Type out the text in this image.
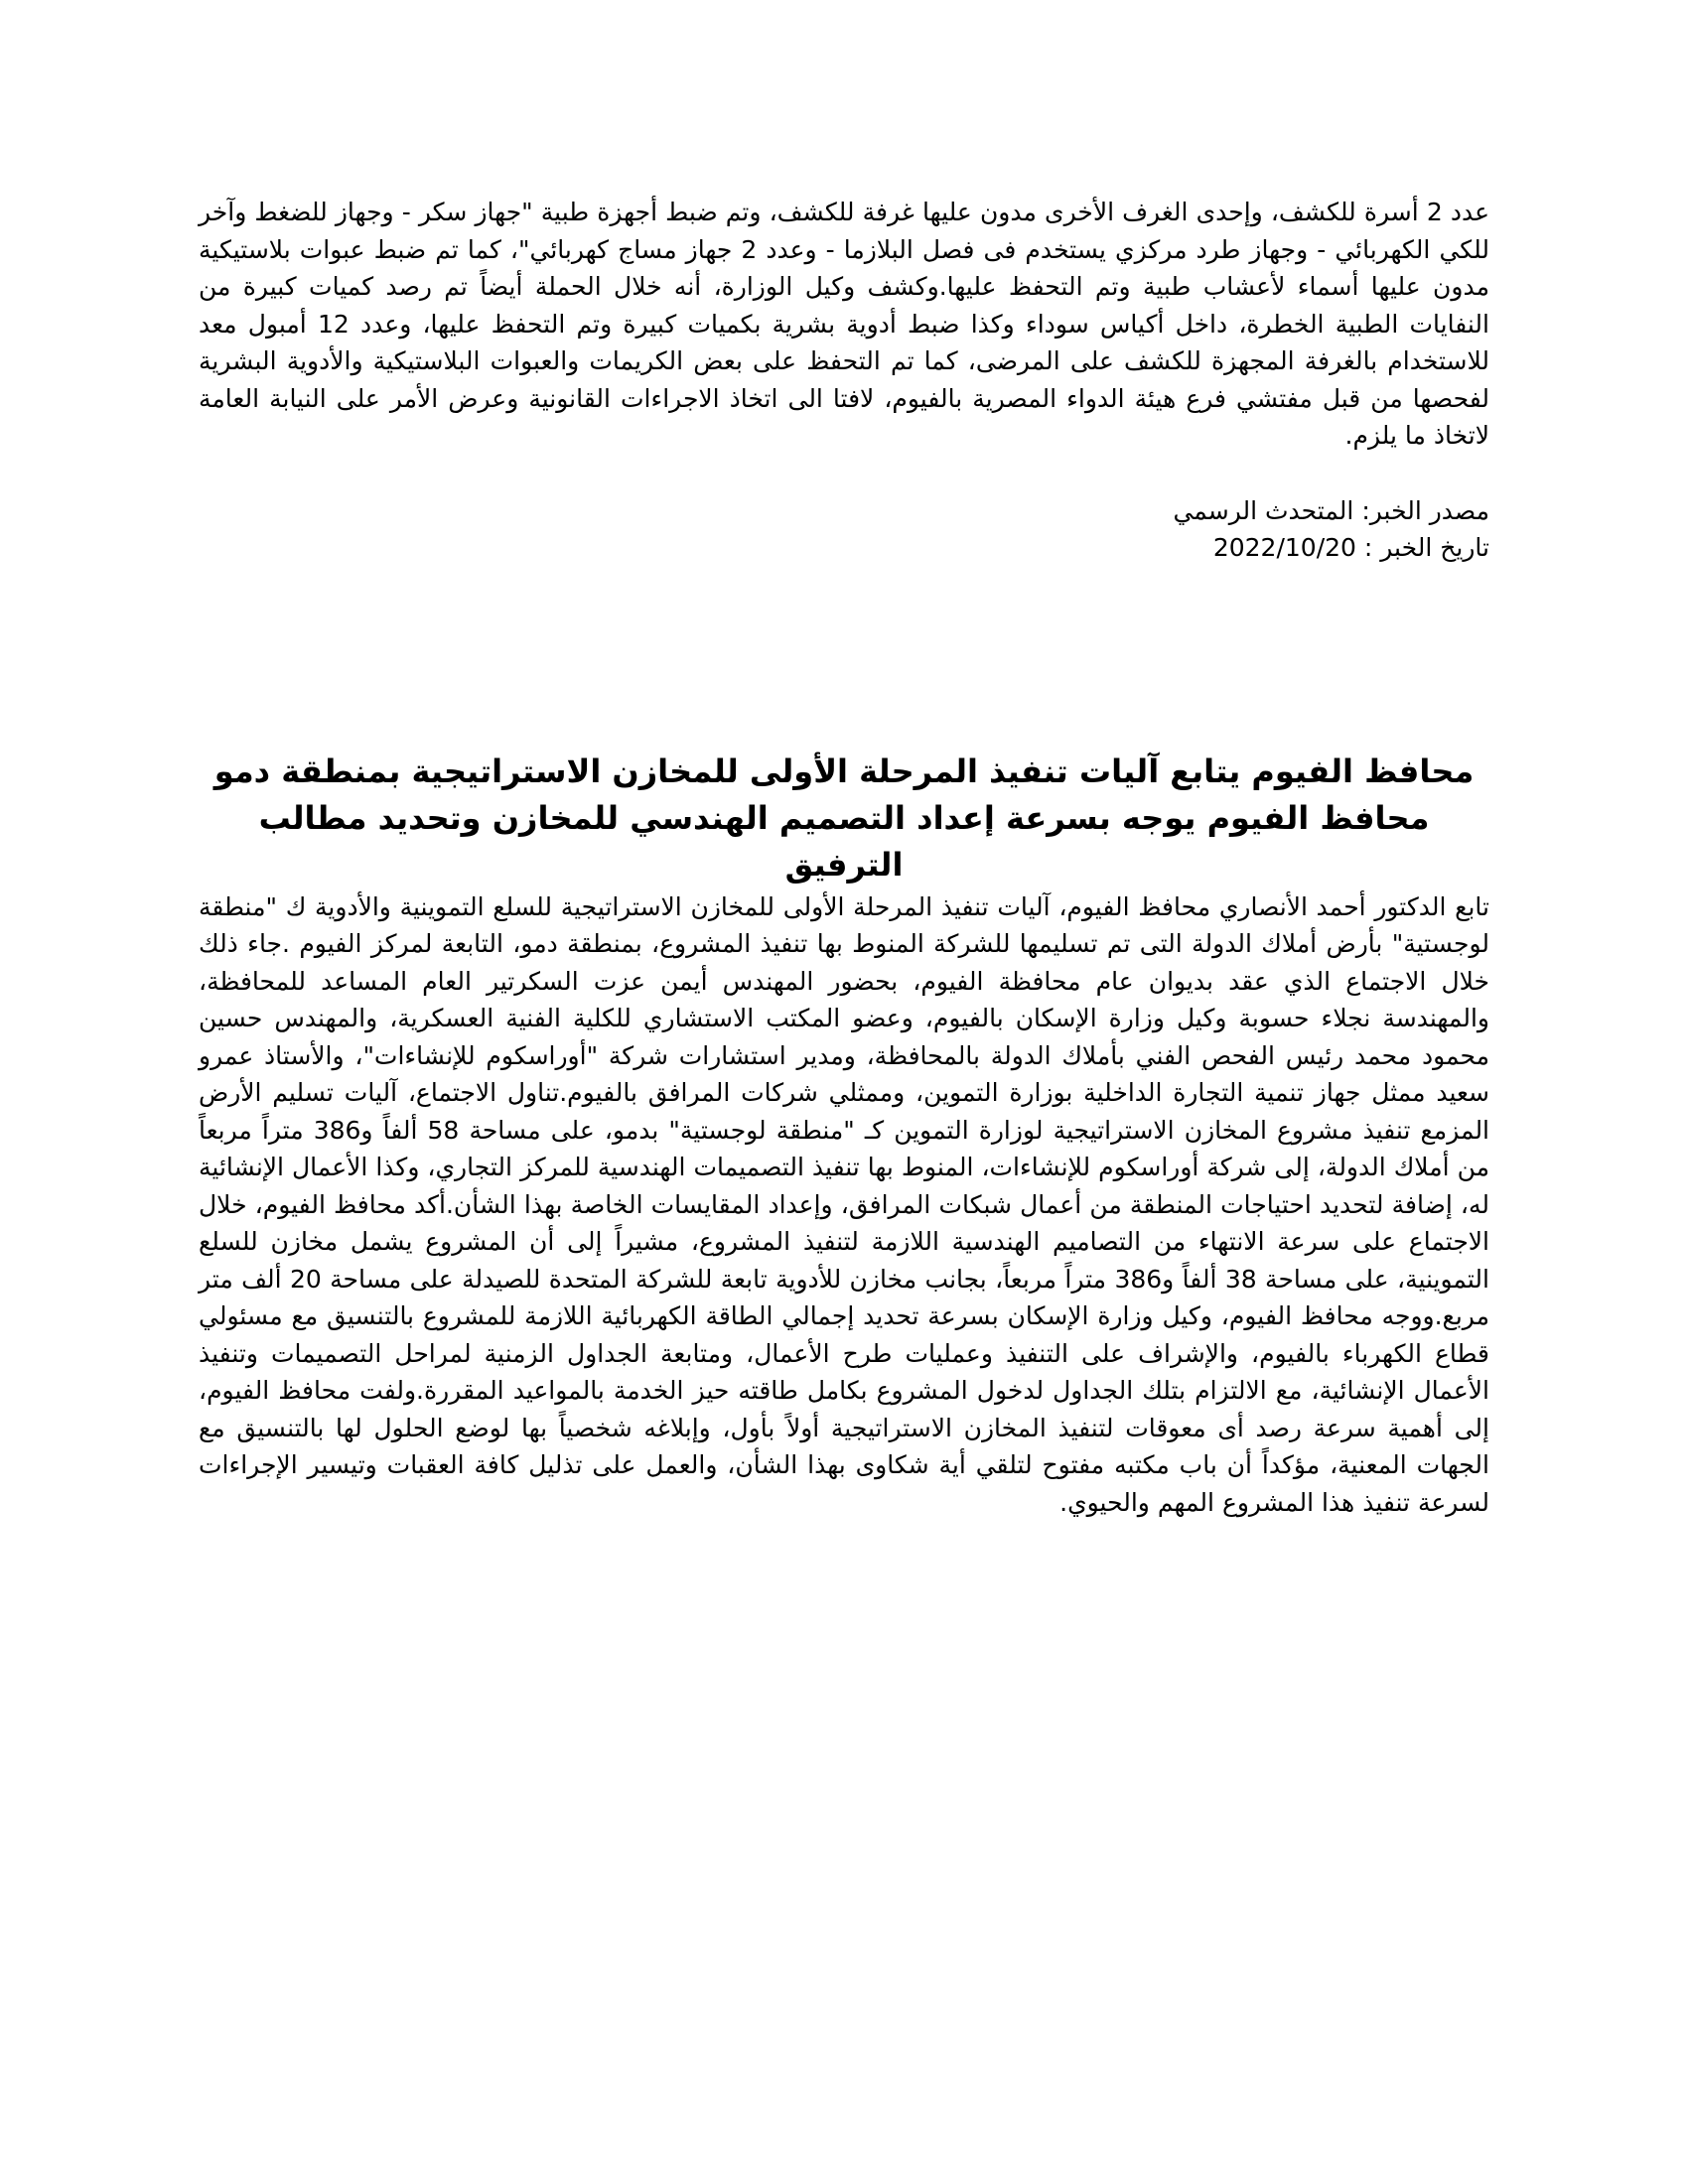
عدد 2 أسرة للكشف، وإحدى الغرف الأخرى مدون عليها غرفة للكشف، وتم ضبط أجهزة طبية "جهاز سكر - وجهاز للضغط وآخر للكي الكهربائي - وجهاز طرد مركزي يستخدم فى فصل البلازما - وعدد 2 جهاز مساج كهربائي"، كما تم ضبط عبوات بلاستيكية مدون عليها أسماء لأعشاب طبية وتم التحفظ عليها.وكشف وكيل الوزارة، أنه خلال الحملة أيضاً تم رصد كميات كبيرة من النفايات الطبية الخطرة، داخل أكياس سوداء وكذا ضبط أدوية بشرية بكميات كبيرة وتم التحفظ عليها، وعدد 12 أمبول معد للاستخدام بالغرفة المجهزة للكشف على المرضى، كما تم التحفظ على بعض الكريمات والعبوات البلاستيكية والأدوية البشرية لفحصها من قبل مفتشي فرع هيئة الدواء المصرية بالفيوم، لافتا الى اتخاذ الاجراءات القانونية وعرض الأمر على النيابة العامة لاتخاذ ما يلزم.

مصدر الخبر: المتحدث الرسمي
تاريخ الخبر : 2022/10/20
محافظ الفيوم يتابع آليات تنفيذ المرحلة الأولى للمخازن الاستراتيجية بمنطقة دمو
محافظ الفيوم يوجه بسرعة إعداد التصميم الهندسي للمخازن وتحديد مطالب الترفيق

تابع الدكتور أحمد الأنصاري محافظ الفيوم، آليات تنفيذ المرحلة الأولى للمخازن الاستراتيجية للسلع التموينية والأدوية ك "منطقة لوجستية" بأرض أملاك الدولة التى تم تسليمها للشركة المنوط بها تنفيذ المشروع، بمنطقة دمو، التابعة لمركز الفيوم .جاء ذلك خلال الاجتماع الذي عقد بديوان عام محافظة الفيوم، بحضور المهندس أيمن عزت السكرتير العام المساعد للمحافظة، والمهندسة نجلاء حسوبة وكيل وزارة الإسكان بالفيوم، وعضو المكتب الاستشاري للكلية الفنية العسكرية، والمهندس حسين محمود محمد رئيس الفحص الفني بأملاك الدولة بالمحافظة، ومدير استشارات شركة "أوراسكوم للإنشاءات"، والأستاذ عمرو سعيد ممثل جهاز تنمية التجارة الداخلية بوزارة التموين، وممثلي شركات المرافق بالفيوم.تناول الاجتماع، آليات تسليم الأرض المزمع تنفيذ مشروع المخازن الاستراتيجية لوزارة التموين كـ "منطقة لوجستية" بدمو، على مساحة 58 ألفاً و386 متراً مربعاً من أملاك الدولة، إلى شركة أوراسكوم للإنشاءات، المنوط بها تنفيذ التصميمات الهندسية للمركز التجاري، وكذا الأعمال الإنشائية له، إضافة لتحديد احتياجات المنطقة من أعمال شبكات المرافق، وإعداد المقايسات الخاصة بهذا الشأن.أكد محافظ الفيوم، خلال الاجتماع على سرعة الانتهاء من التصاميم الهندسية اللازمة لتنفيذ المشروع، مشيراً إلى أن المشروع يشمل مخازن للسلع التموينية، على مساحة 38 ألفاً و386 متراً مربعاً، بجانب مخازن للأدوية تابعة للشركة المتحدة للصيدلة على مساحة 20 ألف متر مربع.ووجه محافظ الفيوم، وكيل وزارة الإسكان بسرعة تحديد إجمالي الطاقة الكهربائية اللازمة للمشروع بالتنسيق مع مسئولي قطاع الكهرباء بالفيوم، والإشراف على التنفيذ وعمليات طرح الأعمال، ومتابعة الجداول الزمنية لمراحل التصميمات وتنفيذ الأعمال الإنشائية، مع الالتزام بتلك الجداول لدخول المشروع بكامل طاقته حيز الخدمة بالمواعيد المقررة.ولفت محافظ الفيوم، إلى أهمية سرعة رصد أى معوقات لتنفيذ المخازن الاستراتيجية أولاً بأول، وإبلاغه شخصياً بها لوضع الحلول لها بالتنسيق مع الجهات المعنية، مؤكداً أن باب مكتبه مفتوح لتلقي أية شكاوى بهذا الشأن، والعمل على تذليل كافة العقبات وتيسير الإجراءات لسرعة تنفيذ هذا المشروع المهم والحيوي.
